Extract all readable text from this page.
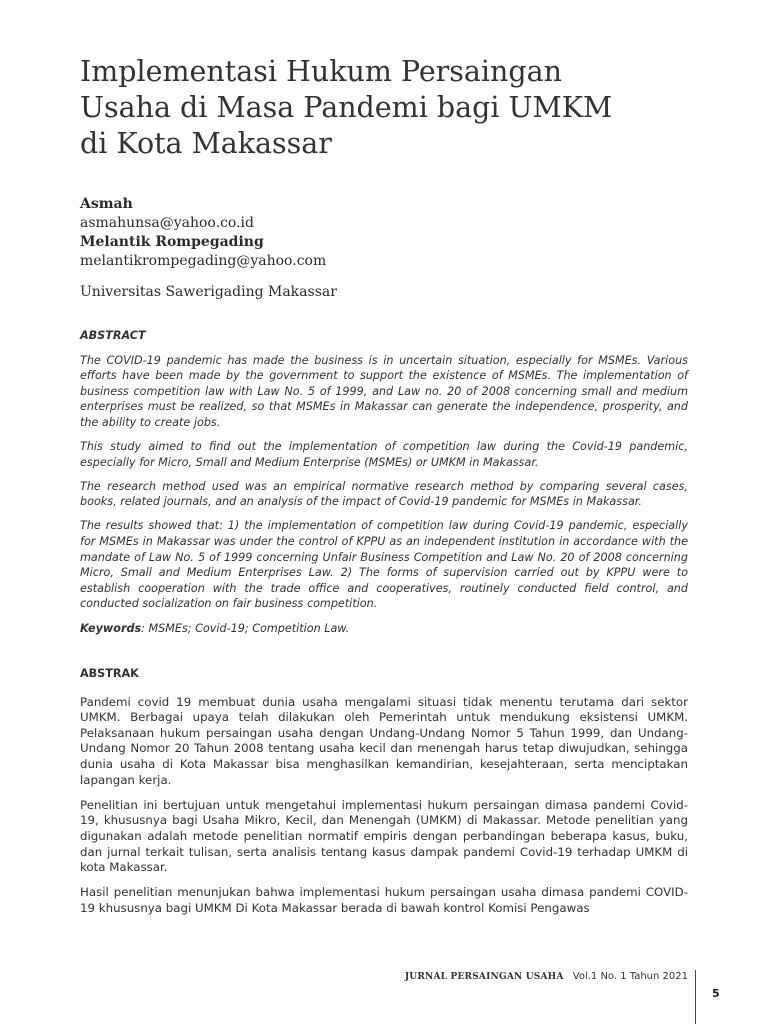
Implementasi Hukum Persaingan
Usaha di Masa Pandemi bagi UMKM
di Kota Makassar
Asmah
asmahunsa@yahoo.co.id
Melantik Rompegading
melantikrompegading@yahoo.com
Universitas Sawerigading Makassar
ABSTRACT

The COVID-19 pandemic has made the business is in uncertain situation, especially for MSMEs. Various efforts have been made by the government to support the existence of MSMEs. The implementation of business competition law with Law No. 5 of 1999, and Law no. 20 of 2008 concerning small and medium enterprises must be realized, so that MSMEs in Makassar can generate the independence, prosperity, and the ability to create jobs.

This study aimed to find out the implementation of competition law during the Covid-19 pandemic, especially for Micro, Small and Medium Enterprise (MSMEs) or UMKM in Makassar.

The research method used was an empirical normative research method by comparing several cases, books, related journals, and an analysis of the impact of Covid-19 pandemic for MSMEs in Makassar.

The results showed that: 1) the implementation of competition law during Covid-19 pandemic, especially for MSMEs in Makassar was under the control of KPPU as an independent institution in accordance with the mandate of Law No. 5 of 1999 concerning Unfair Business Competition and Law No. 20 of 2008 concerning Micro, Small and Medium Enterprises Law. 2) The forms of supervision carried out by KPPU were to establish cooperation with the trade office and cooperatives, routinely conducted field control, and conducted socialization on fair business competition.

Keywords: MSMEs; Covid-19; Competition Law.

ABSTRAK

Pandemi covid 19 membuat dunia usaha mengalami situasi tidak menentu terutama dari sektor UMKM. Berbagai upaya telah dilakukan oleh Pemerintah untuk mendukung eksistensi UMKM. Pelaksanaan hukum persaingan usaha dengan Undang-Undang Nomor 5 Tahun 1999, dan Undang-Undang Nomor 20 Tahun 2008 tentang usaha kecil dan menengah harus tetap diwujudkan, sehingga dunia usaha di Kota Makassar bisa menghasilkan kemandirian, kesejahteraan, serta menciptakan lapangan kerja.

Penelitian ini bertujuan untuk mengetahui implementasi hukum persaingan dimasa pandemi Covid-19, khususnya bagi Usaha Mikro, Kecil, dan Menengah (UMKM) di Makassar. Metode penelitian yang digunakan adalah metode penelitian normatif empiris dengan perbandingan beberapa kasus, buku, dan jurnal terkait tulisan, serta analisis tentang kasus dampak pandemi Covid-19 terhadap UMKM di kota Makassar.

Hasil penelitian menunjukan bahwa implementasi hukum persaingan usaha dimasa pandemi COVID-19 khususnya bagi UMKM Di Kota Makassar berada di bawah kontrol Komisi Pengawas

JURNAL PERSAINGAN USAHA Vol.1 No. 1 Tahun 2021
5
